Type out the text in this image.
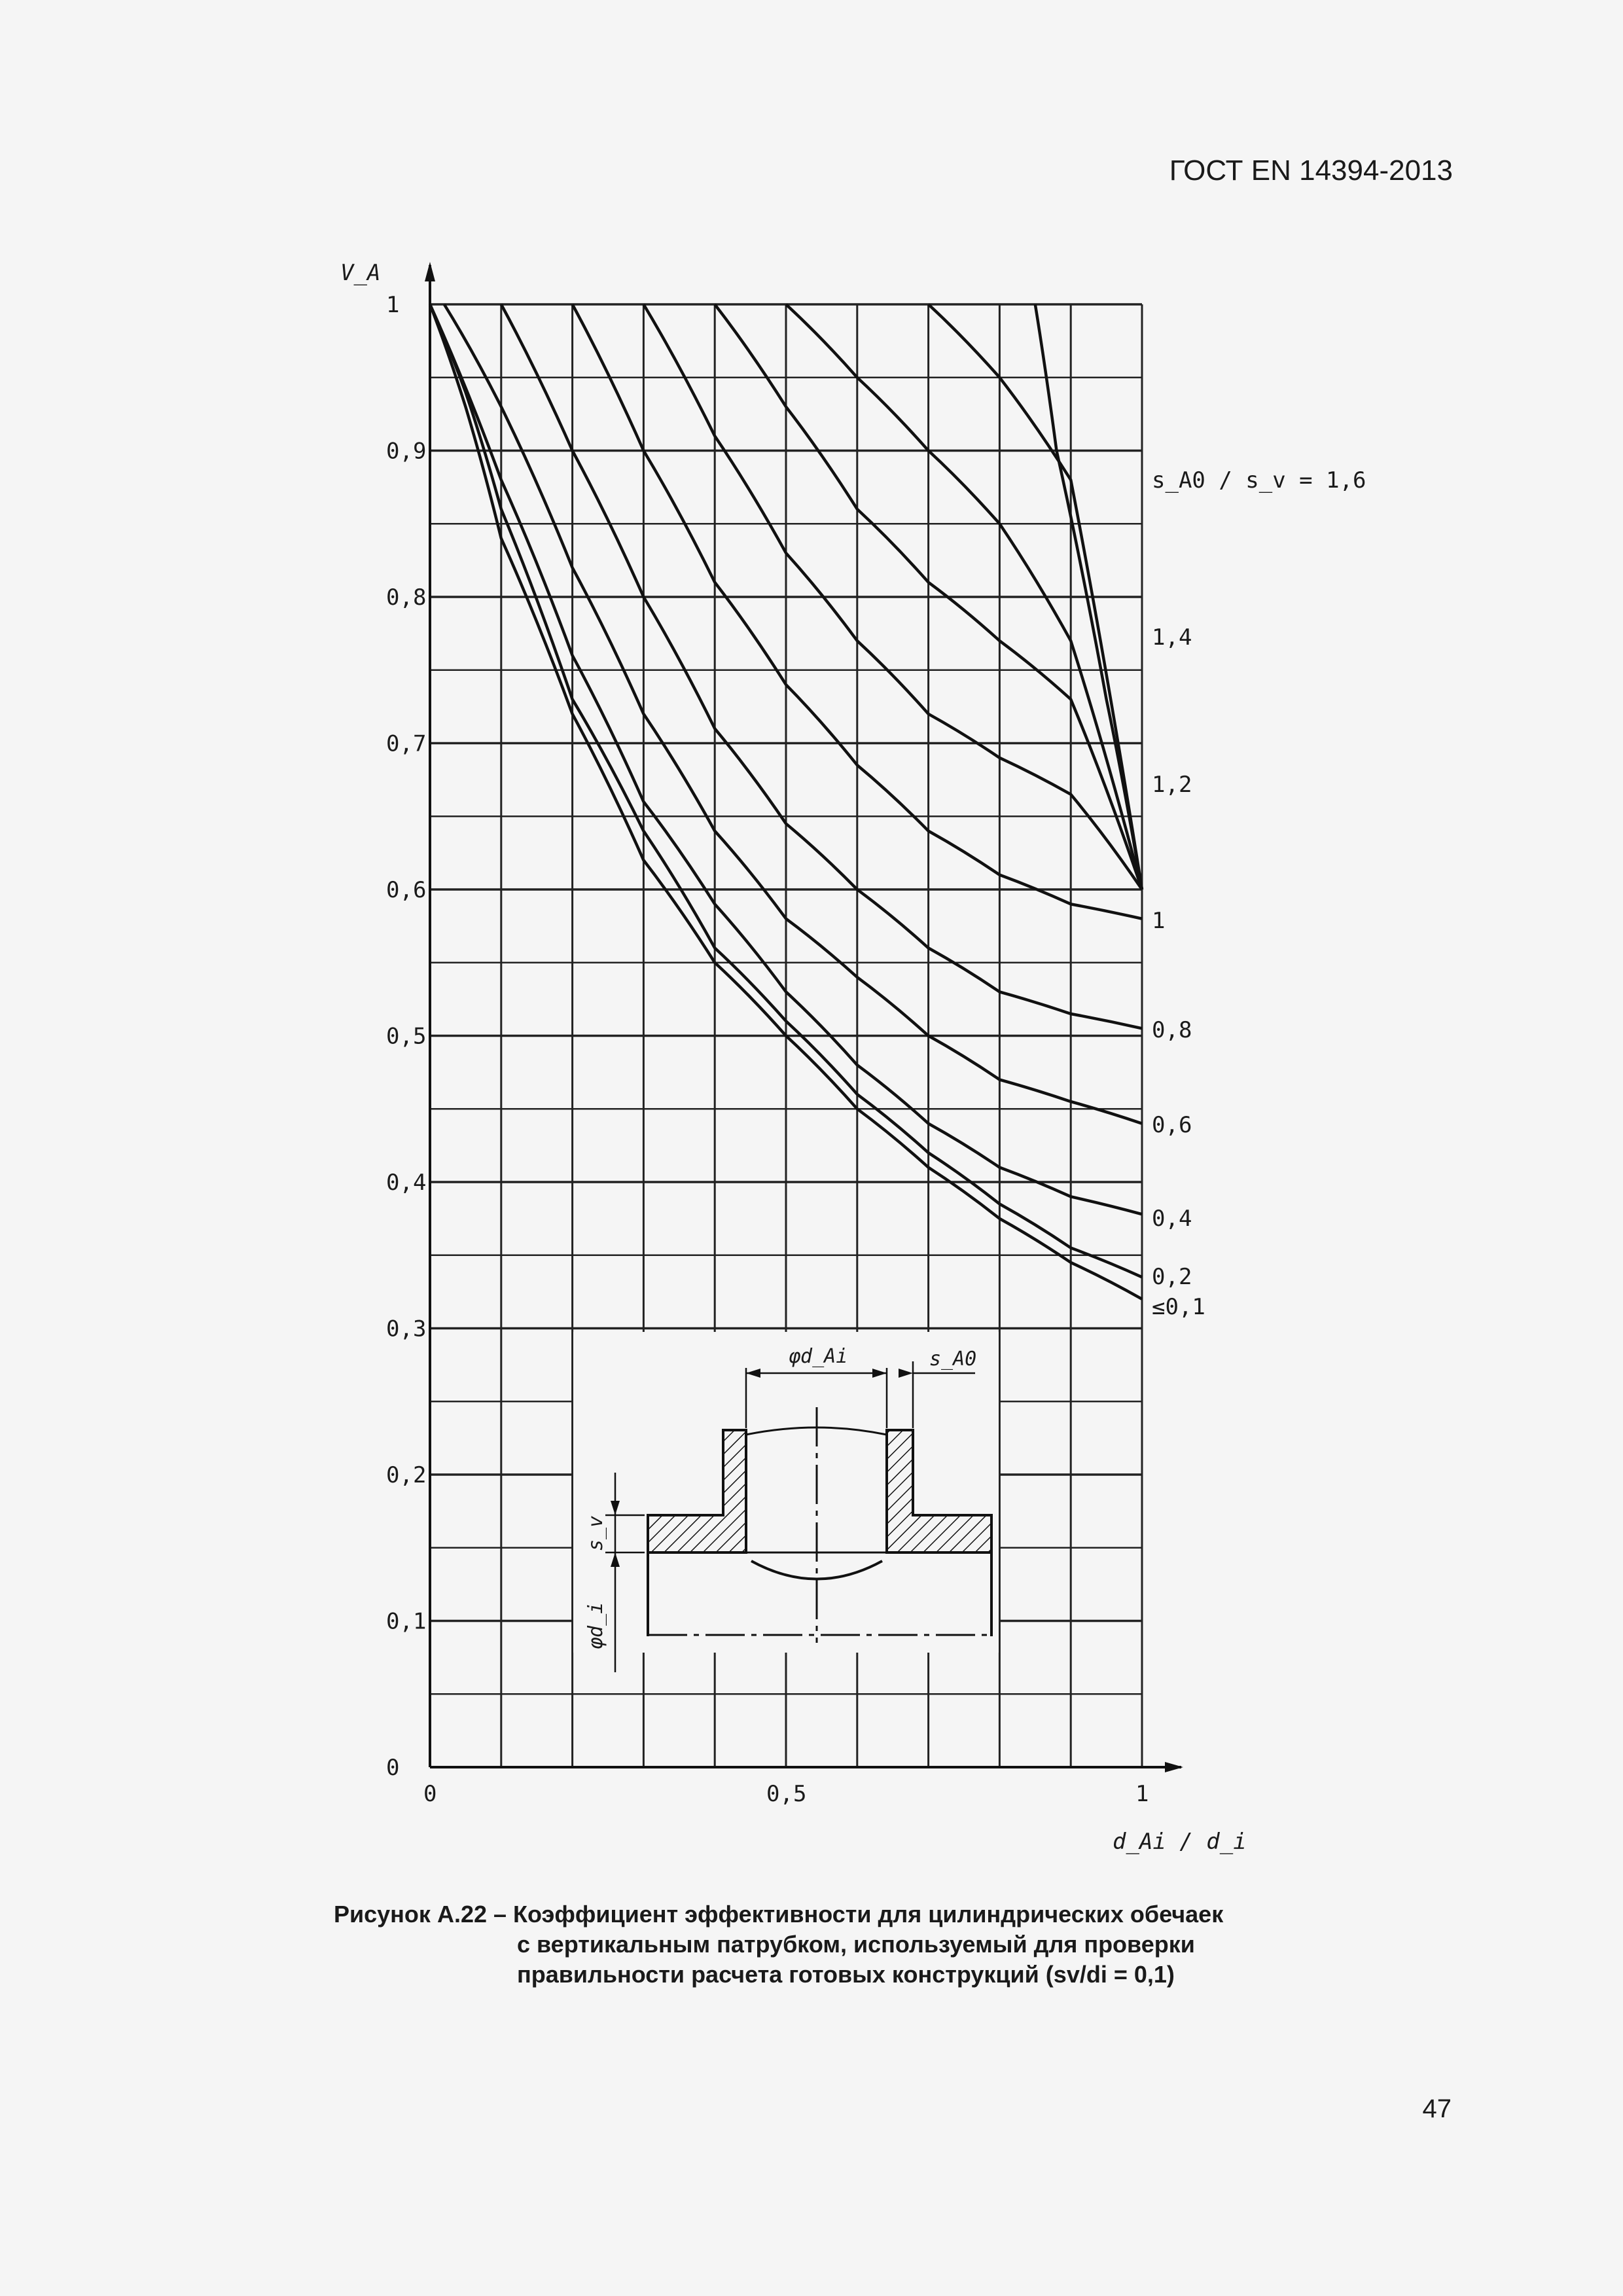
ГОСТ EN 14394-2013
φd_Ai	s_A0
s_v
φd_i
0
0,1
0,2
0,3
0,4
0,5
0,6
0,7
0,8
0,9
1
0	0,5	1
V_A
d_Ai / d_i
s_A0 / s_v = 1,6
1,4
1,2
1
0,8
0,6
0,4
0,2
≤0,1
Рисунок А.22 – Коэффициент эффективности для цилиндрических обечаек
с вертикальным патрубком, используемый для проверки
правильности расчета готовых конструкций (sv/di = 0,1)
47
